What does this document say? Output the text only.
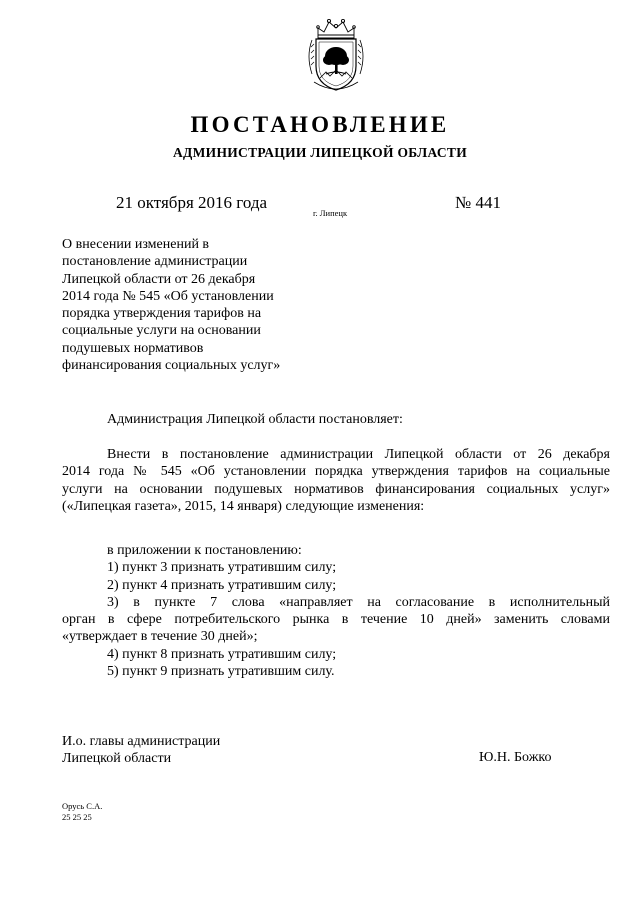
ПОСТАНОВЛЕНИЕ
АДМИНИСТРАЦИИ ЛИПЕЦКОЙ ОБЛАСТИ
21 октября 2016 года
г. Липецк
№ 441
О внесении изменений в
постановление администрации
Липецкой области от 26 декабря
2014 года № 545 «Об установлении
порядка утверждения тарифов на
социальные услуги на основании
подушевых нормативов
финансирования социальных услуг»
Администрация Липецкой области постановляет:
Внести в постановление администрации Липецкой области от 26 декабря
2014 года № 545 «Об установлении порядка утверждения тарифов на социальные
услуги на основании подушевых нормативов финансирования социальных услуг»
(«Липецкая газета», 2015, 14 января) следующие изменения:
в приложении к постановлению:
1) пункт 3 признать утратившим силу;
2) пункт 4 признать утратившим силу;
3) в пункте 7 слова «направляет на согласование в исполнительный
орган в сфере потребительского рынка в течение 10 дней» заменить словами
«утверждает в течение 30 дней»;
4) пункт 8 признать утратившим силу;
5) пункт 9 признать утратившим силу.
И.о. главы администрации
Липецкой области	Ю.Н. Божко
Орусь С.А.
25 25 25
